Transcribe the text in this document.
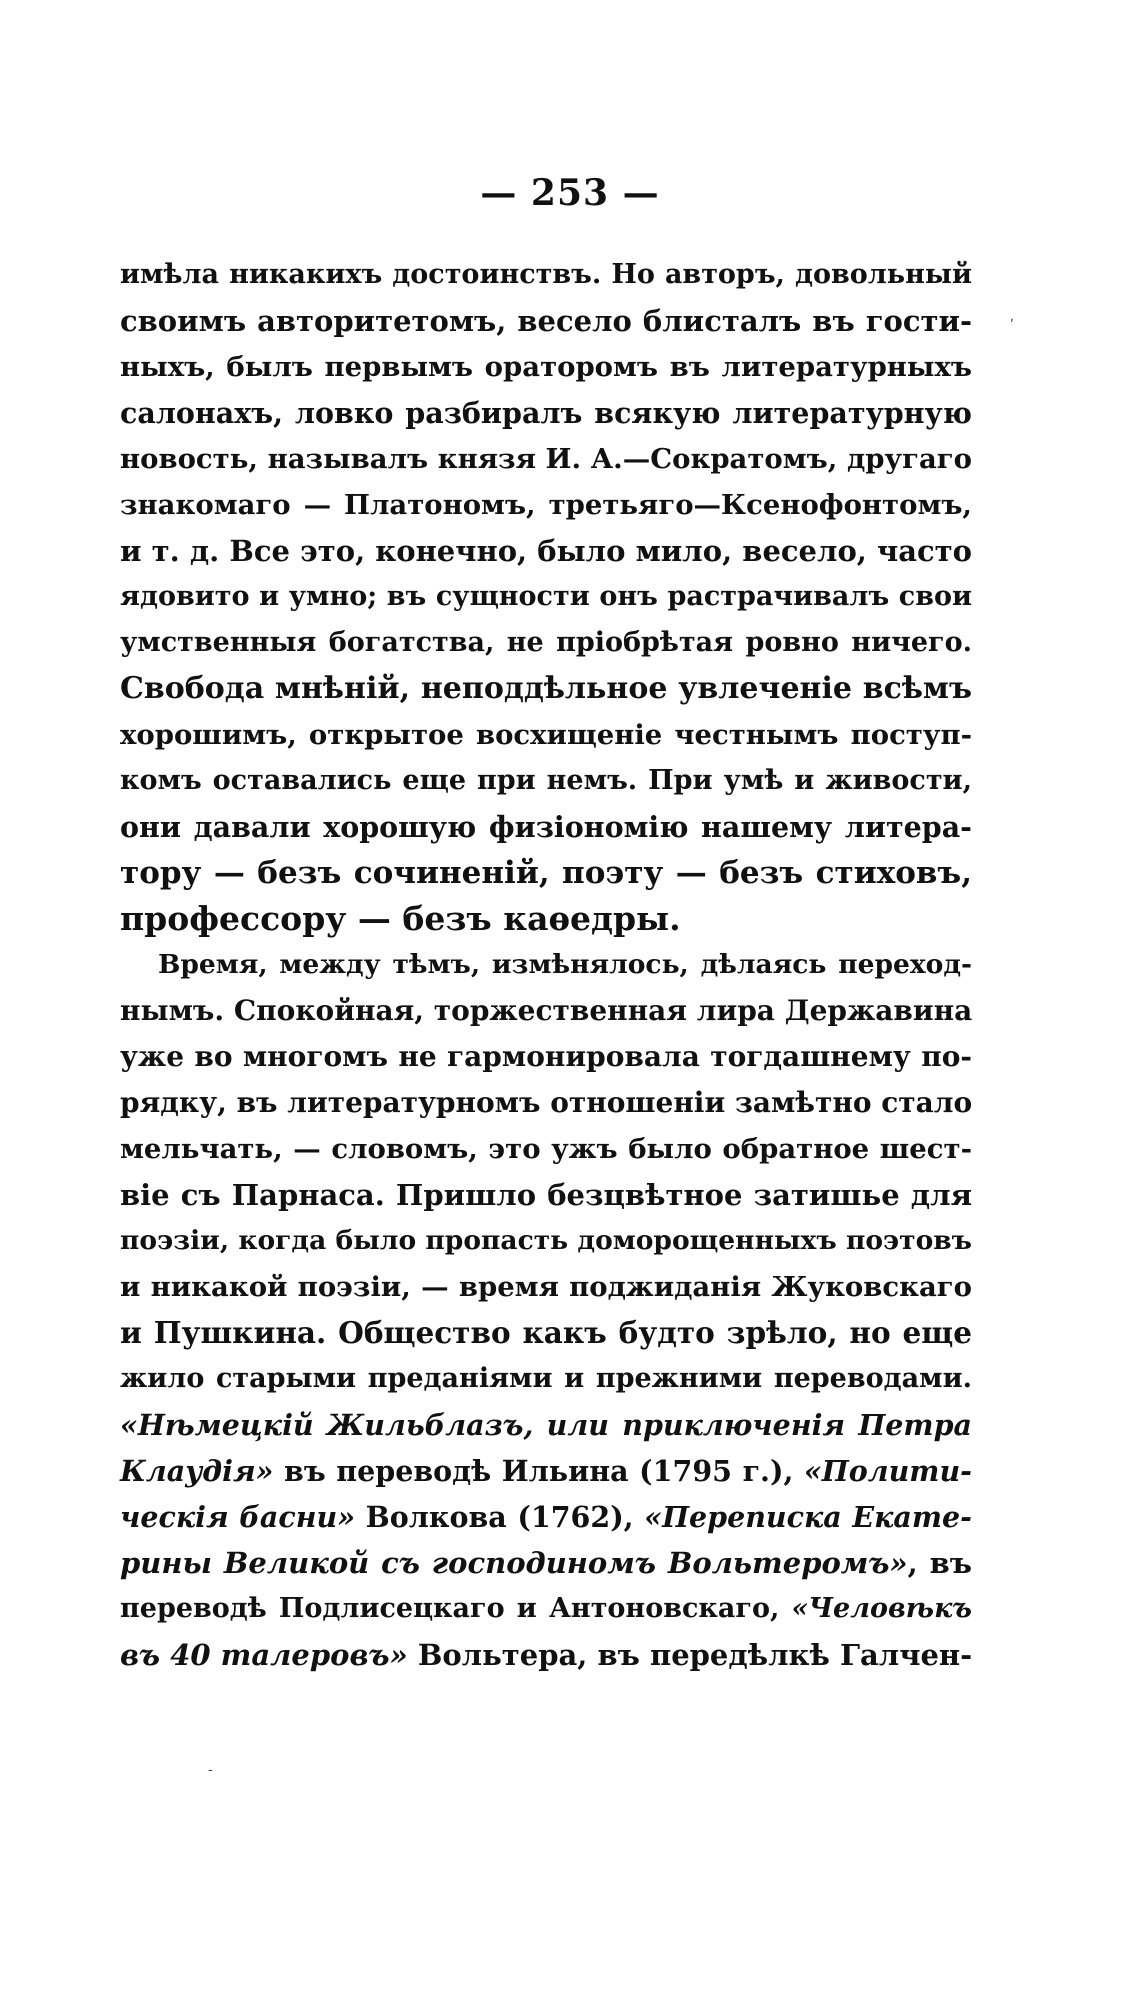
— 253 —
имѣла никакихъ достоинствъ. Но авторъ, довольный
своимъ авторитетомъ, весело блисталъ въ гости-
ныхъ, былъ первымъ ораторомъ въ литературныхъ
салонахъ, ловко разбиралъ всякую литературную
новость, называлъ князя И. А.—Сократомъ, другаго
знакомаго — Платономъ, третьяго—Ксенофонтомъ,
и т. д. Все это, конечно, было мило, весело, часто
ядовито и умно; въ сущности онъ растрачивалъ свои
умственныя богатства, не пріобрѣтая ровно ничего.
Свобода мнѣній, неподдѣльное увлеченіе всѣмъ
хорошимъ, открытое восхищеніе честнымъ поступ-
комъ оставались еще при немъ. При умѣ и живости,
они давали хорошую физіономію нашему литера-
тору — безъ сочиненій, поэту — безъ стиховъ,
профессору — безъ каѳедры.
Время, между тѣмъ, измѣнялось, дѣлаясь переход-
нымъ. Спокойная, торжественная лира Державина
уже во многомъ не гармонировала тогдашнему по-
рядку, въ литературномъ отношеніи замѣтно стало
мельчать, — словомъ, это ужъ было обратное шест-
віе съ Парнаса. Пришло безцвѣтное затишье для
поэзіи, когда было пропасть доморощенныхъ поэтовъ
и никакой поэзіи, — время поджиданія Жуковскаго
и Пушкина. Общество какъ будто зрѣло, но еще
жило старыми преданіями и прежними переводами.
«Нѣмецкій Жильблазъ, или приключенія Петра
Клаудія» въ переводѣ Ильина (1795 г.), «Полити-
ческія басни» Волкова (1762), «Переписка Екате-
рины Великой съ господиномъ Вольтеромъ», въ
переводѣ Подлисецкаго и Антоновскаго, «Человѣкъ
въ 40 талеровъ» Вольтера, въ передѣлкѣ Галчен-
ʹ
‐
